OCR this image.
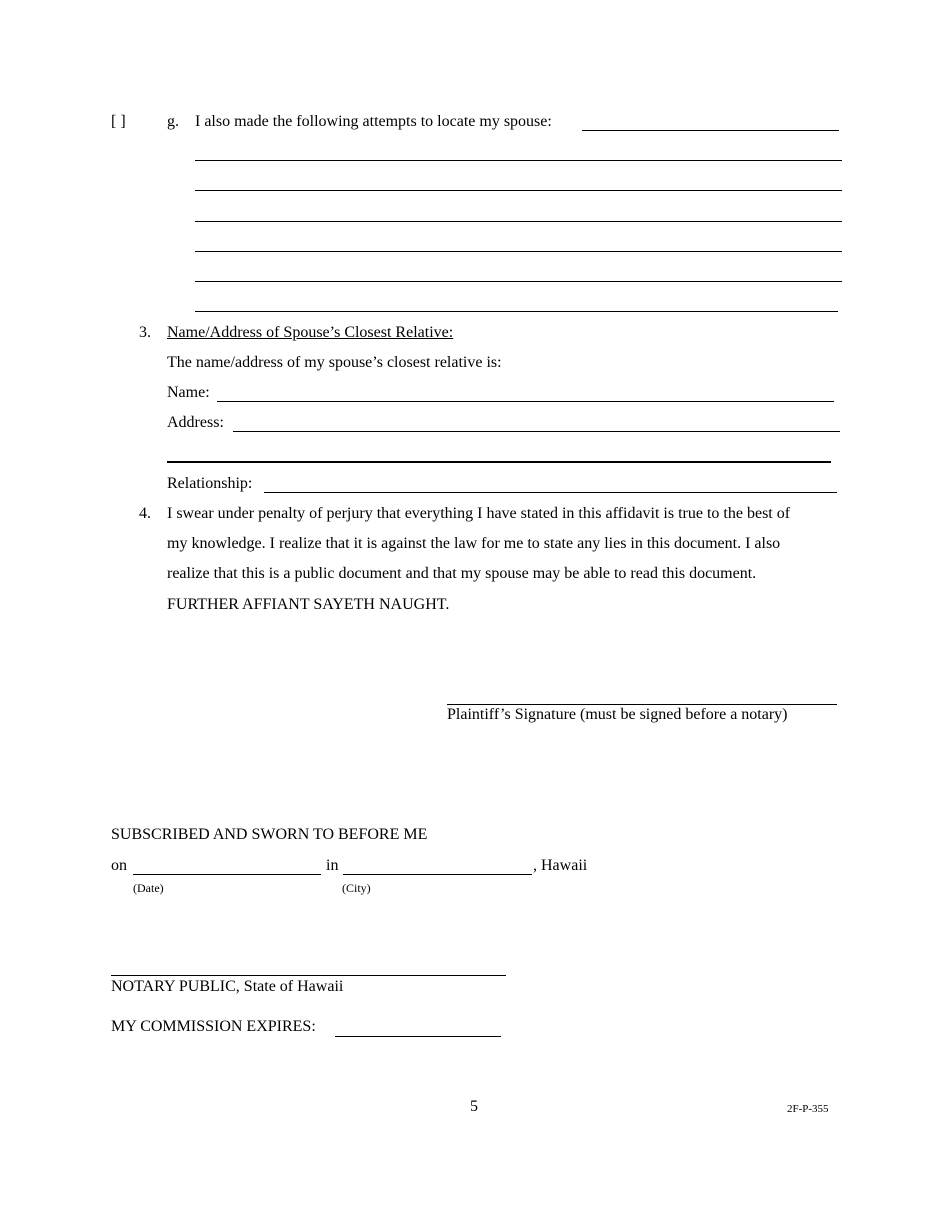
[ ]	g. I also made the following attempts to locate my spouse:
3. Name/Address of Spouse’s Closest Relative:
The name/address of my spouse’s closest relative is:
Name:
Address:
Relationship:
4. I swear under penalty of perjury that everything I have stated in this affidavit is true to the best of
my knowledge. I realize that it is against the law for me to state any lies in this document. I also
realize that this is a public document and that my spouse may be able to read this document.
FURTHER AFFIANT SAYETH NAUGHT.
Plaintiff’s Signature (must be signed before a notary)
SUBSCRIBED AND SWORN TO BEFORE ME
on	in	, Hawaii
(Date)	(City)
NOTARY PUBLIC, State of Hawaii
MY COMMISSION EXPIRES:
5	2F-P-355
